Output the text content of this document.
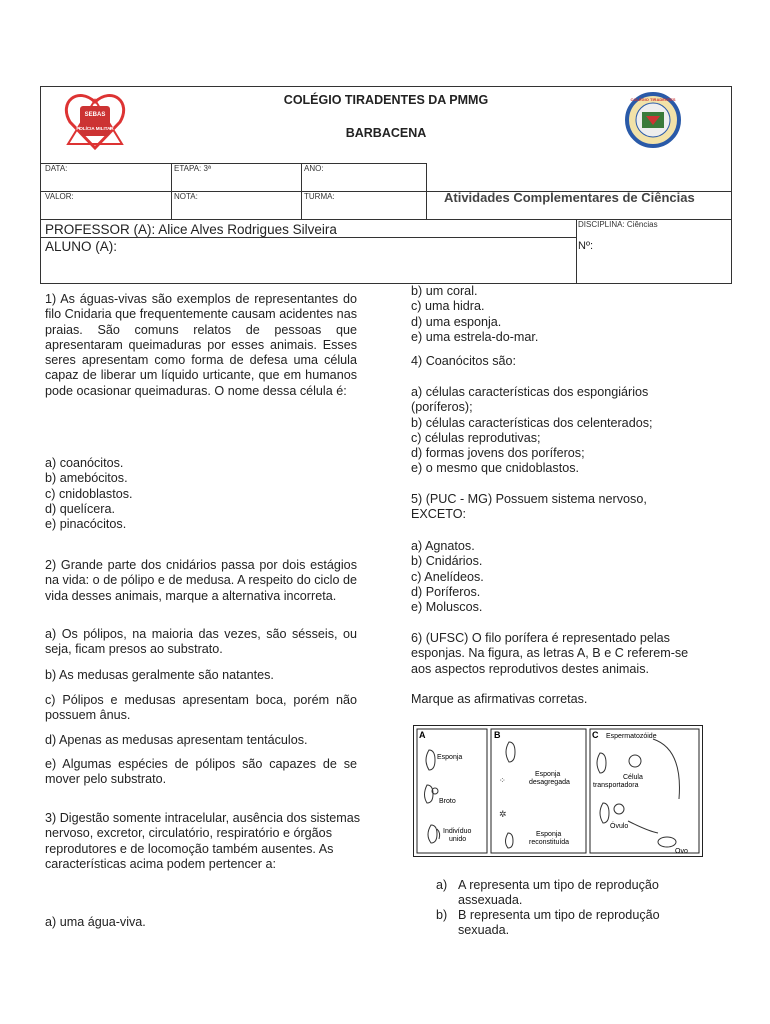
SEBAS
POLÍCIA MILITAR
COLÉGIO TIRADENTES
COLÉGIO TIRADENTES DA PMMG
BARBACENA
DATA:	ETAPA: 3ª	ANO:
VALOR:	NOTA:	TURMA:	Atividades Complementares de Ciências
DISCIPLINA: Ciências
Nº:
PROFESSOR (A): Alice Alves Rodrigues Silveira
ALUNO (A):
1) As águas-vivas são exemplos de representantes do filo Cnidaria que frequentemente causam acidentes nas praias. São comuns relatos de pessoas que apresentaram queimaduras por esses animais. Esses seres apresentam como forma de defesa uma célula capaz de liberar um líquido urticante, que em humanos pode ocasionar queimaduras. O nome dessa célula é:
a) coanócitos.
b) amebócitos.
c) cnidoblastos.
d) quelícera.
e) pinacócitos.
2) Grande parte dos cnidários passa por dois estágios na vida: o de pólipo e de medusa. A respeito do ciclo de vida desses animais, marque a alternativa incorreta.
a) Os pólipos, na maioria das vezes, são sésseis, ou seja, ficam presos ao substrato.
b) As medusas geralmente são natantes.
c) Pólipos e medusas apresentam boca, porém não possuem ânus.
d) Apenas as medusas apresentam tentáculos.
e) Algumas espécies de pólipos são capazes de se mover pelo substrato.
3) Digestão somente intracelular, ausência dos sistemas nervoso, excretor, circulatório, respiratório e órgãos reprodutores e de locomoção também ausentes. As características acima podem pertencer a:
a) uma água-viva.
b) um coral.
c) uma hidra.
d) uma esponja.
e) uma estrela-do-mar.
4) Coanócitos são:
a) células características dos espongiários (poríferos);
b) células características dos celenterados;
c) células reprodutivas;
d) formas jovens dos poríferos;
e) o mesmo que cnidoblastos.
5) (PUC - MG) Possuem sistema nervoso, EXCETO:
a) Agnatos.
b) Cnidários.
c) Anelídeos.
d) Poríferos.
e) Moluscos.
6) (UFSC) O filo porífera é representado pelas esponjas. Na figura, as letras A, B e C referem-se aos aspectos reprodutivos destes animais.
Marque as afirmativas corretas.
A
Esponja
Broto
Indivíduo
unido
B
⁘
✲
Esponja
desagregada
Esponja
reconstituída
C Espermatozóide
Célula
transportadora
Óvulo
Ovo
a) A representa um tipo de reprodução assexuada.
b) B representa um tipo de reprodução sexuada.
